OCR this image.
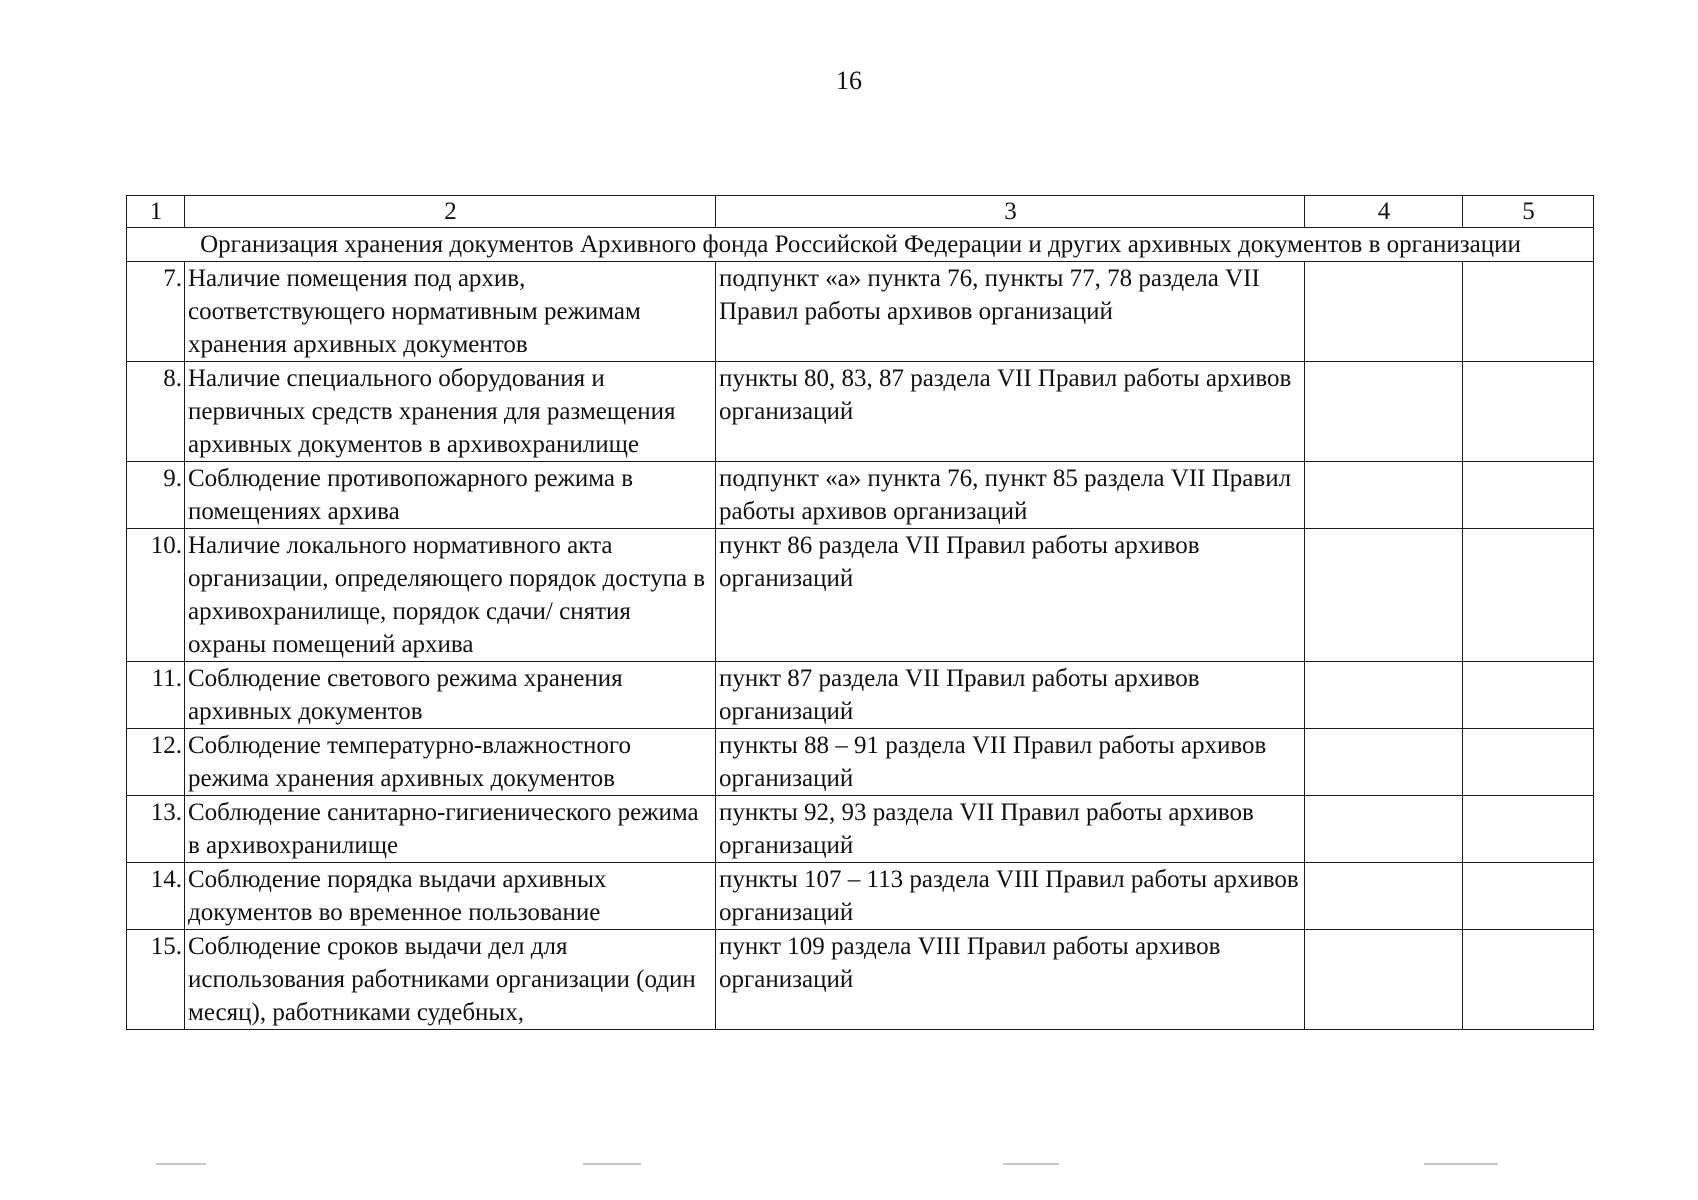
16
1	2	3	4	5
Организация хранения документов Архивного фонда Российской Федерации и других архивных документов в организации				
7.	Наличие помещения под архив, соответствующего нормативным режимам хранения архивных документов	подпункт «а» пункта 76, пункты 77, 78 раздела VII Правил работы архивов организаций		
8.	Наличие специального оборудования и первичных средств хранения для размещения архивных документов в архивохранилище	пункты 80, 83, 87 раздела VII Правил работы архивов организаций		
9.	Соблюдение противопожарного режима в помещениях архива	подпункт «а» пункта 76, пункт 85 раздела VII Правил работы архивов организаций		
10.	Наличие локального нормативного акта организации, определяющего порядок доступа в архивохранилище, порядок сдачи/ снятия охраны помещений архива	пункт 86 раздела VII Правил работы архивов организаций		
11.	Соблюдение светового режима хранения архивных документов	пункт 87 раздела VII Правил работы архивов организаций		
12.	Соблюдение температурно-влажностного режима хранения архивных документов	пункты 88 – 91 раздела VII Правил работы архивов организаций		
13.	Соблюдение санитарно-гигиенического режима в архивохранилище	пункты 92, 93 раздела VII Правил работы архивов организаций		
14.	Соблюдение порядка выдачи архивных документов во временное пользование	пункты 107 – 113 раздела VIII Правил работы архивов организаций		
15.	Соблюдение сроков выдачи дел для использования работниками организации (один месяц), работниками судебных,	пункт 109 раздела VIII Правил работы архивов организаций		
